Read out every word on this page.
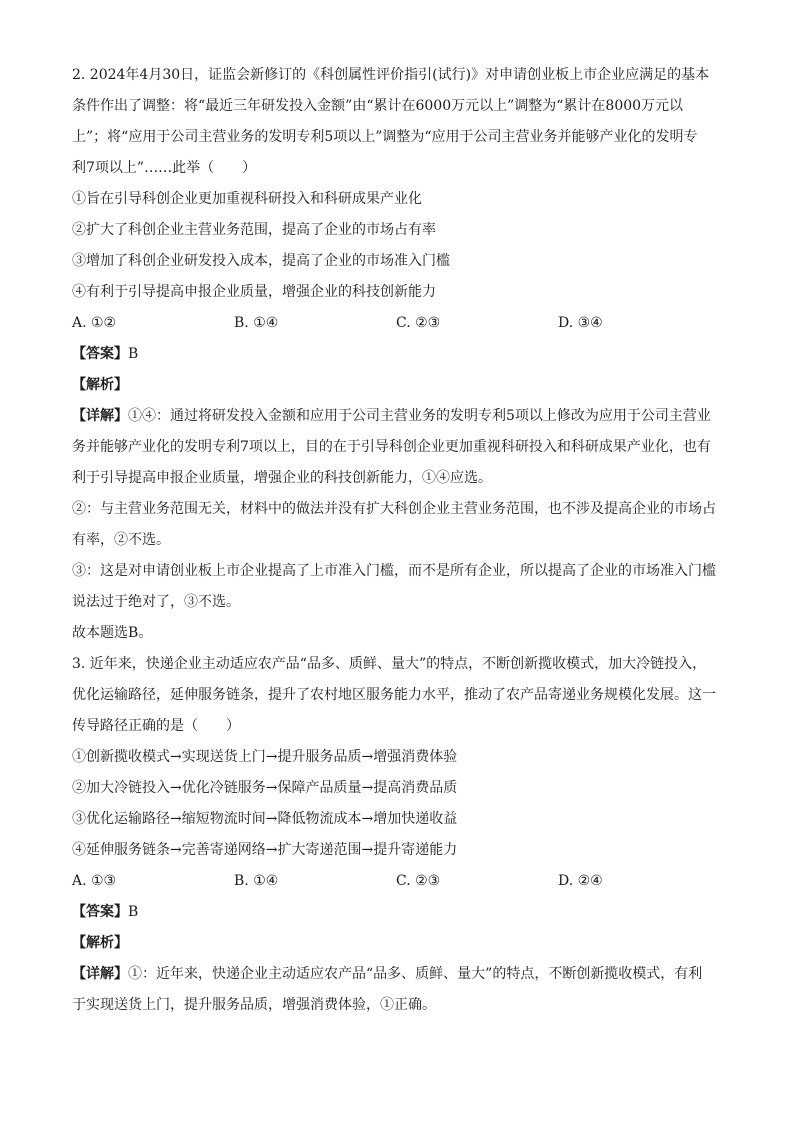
2. 2024年4月30日，证监会新修订的《科创属性评价指引(试行)》对申请创业板上市企业应满足的基本

条件作出了调整：将“最近三年研发投入金额”由“累计在6000万元以上”调整为“累计在8000万元以

上”；将“应用于公司主营业务的发明专利5项以上”调整为“应用于公司主营业务并能够产业化的发明专

利7项以上”……此举（　　）

①旨在引导科创企业更加重视科研投入和科研成果产业化

②扩大了科创企业主营业务范围，提高了企业的市场占有率

③增加了科创企业研发投入成本，提高了企业的市场准入门槛

④有利于引导提高申报企业质量，增强企业的科技创新能力

A. ①②	B. ①④	C. ②③	D. ③④

【答案】B

【解析】

【详解】①④：通过将研发投入金额和应用于公司主营业务的发明专利5项以上修改为应用于公司主营业

务并能够产业化的发明专利7项以上，目的在于引导科创企业更加重视科研投入和科研成果产业化，也有

利于引导提高申报企业质量，增强企业的科技创新能力，①④应选。

②：与主营业务范围无关，材料中的做法并没有扩大科创企业主营业务范围，也不涉及提高企业的市场占

有率，②不选。

③：这是对申请创业板上市企业提高了上市准入门槛，而不是所有企业，所以提高了企业的市场准入门槛

说法过于绝对了，③不选。

故本题选B。

3. 近年来，快递企业主动适应农产品“品多、质鲜、量大”的特点，不断创新揽收模式，加大冷链投入，

优化运输路径，延伸服务链条，提升了农村地区服务能力水平，推动了农产品寄递业务规模化发展。这一

传导路径正确的是（　　）

①创新揽收模式→实现送货上门→提升服务品质→增强消费体验

②加大冷链投入→优化冷链服务→保障产品质量→提高消费品质

③优化运输路径→缩短物流时间→降低物流成本→增加快递收益

④延伸服务链条→完善寄递网络→扩大寄递范围→提升寄递能力

A. ①③	B. ①④	C. ②③	D. ②④

【答案】B

【解析】

【详解】①：近年来，快递企业主动适应农产品“品多、质鲜、量大”的特点，不断创新揽收模式，有利

于实现送货上门，提升服务品质，增强消费体验，①正确。
